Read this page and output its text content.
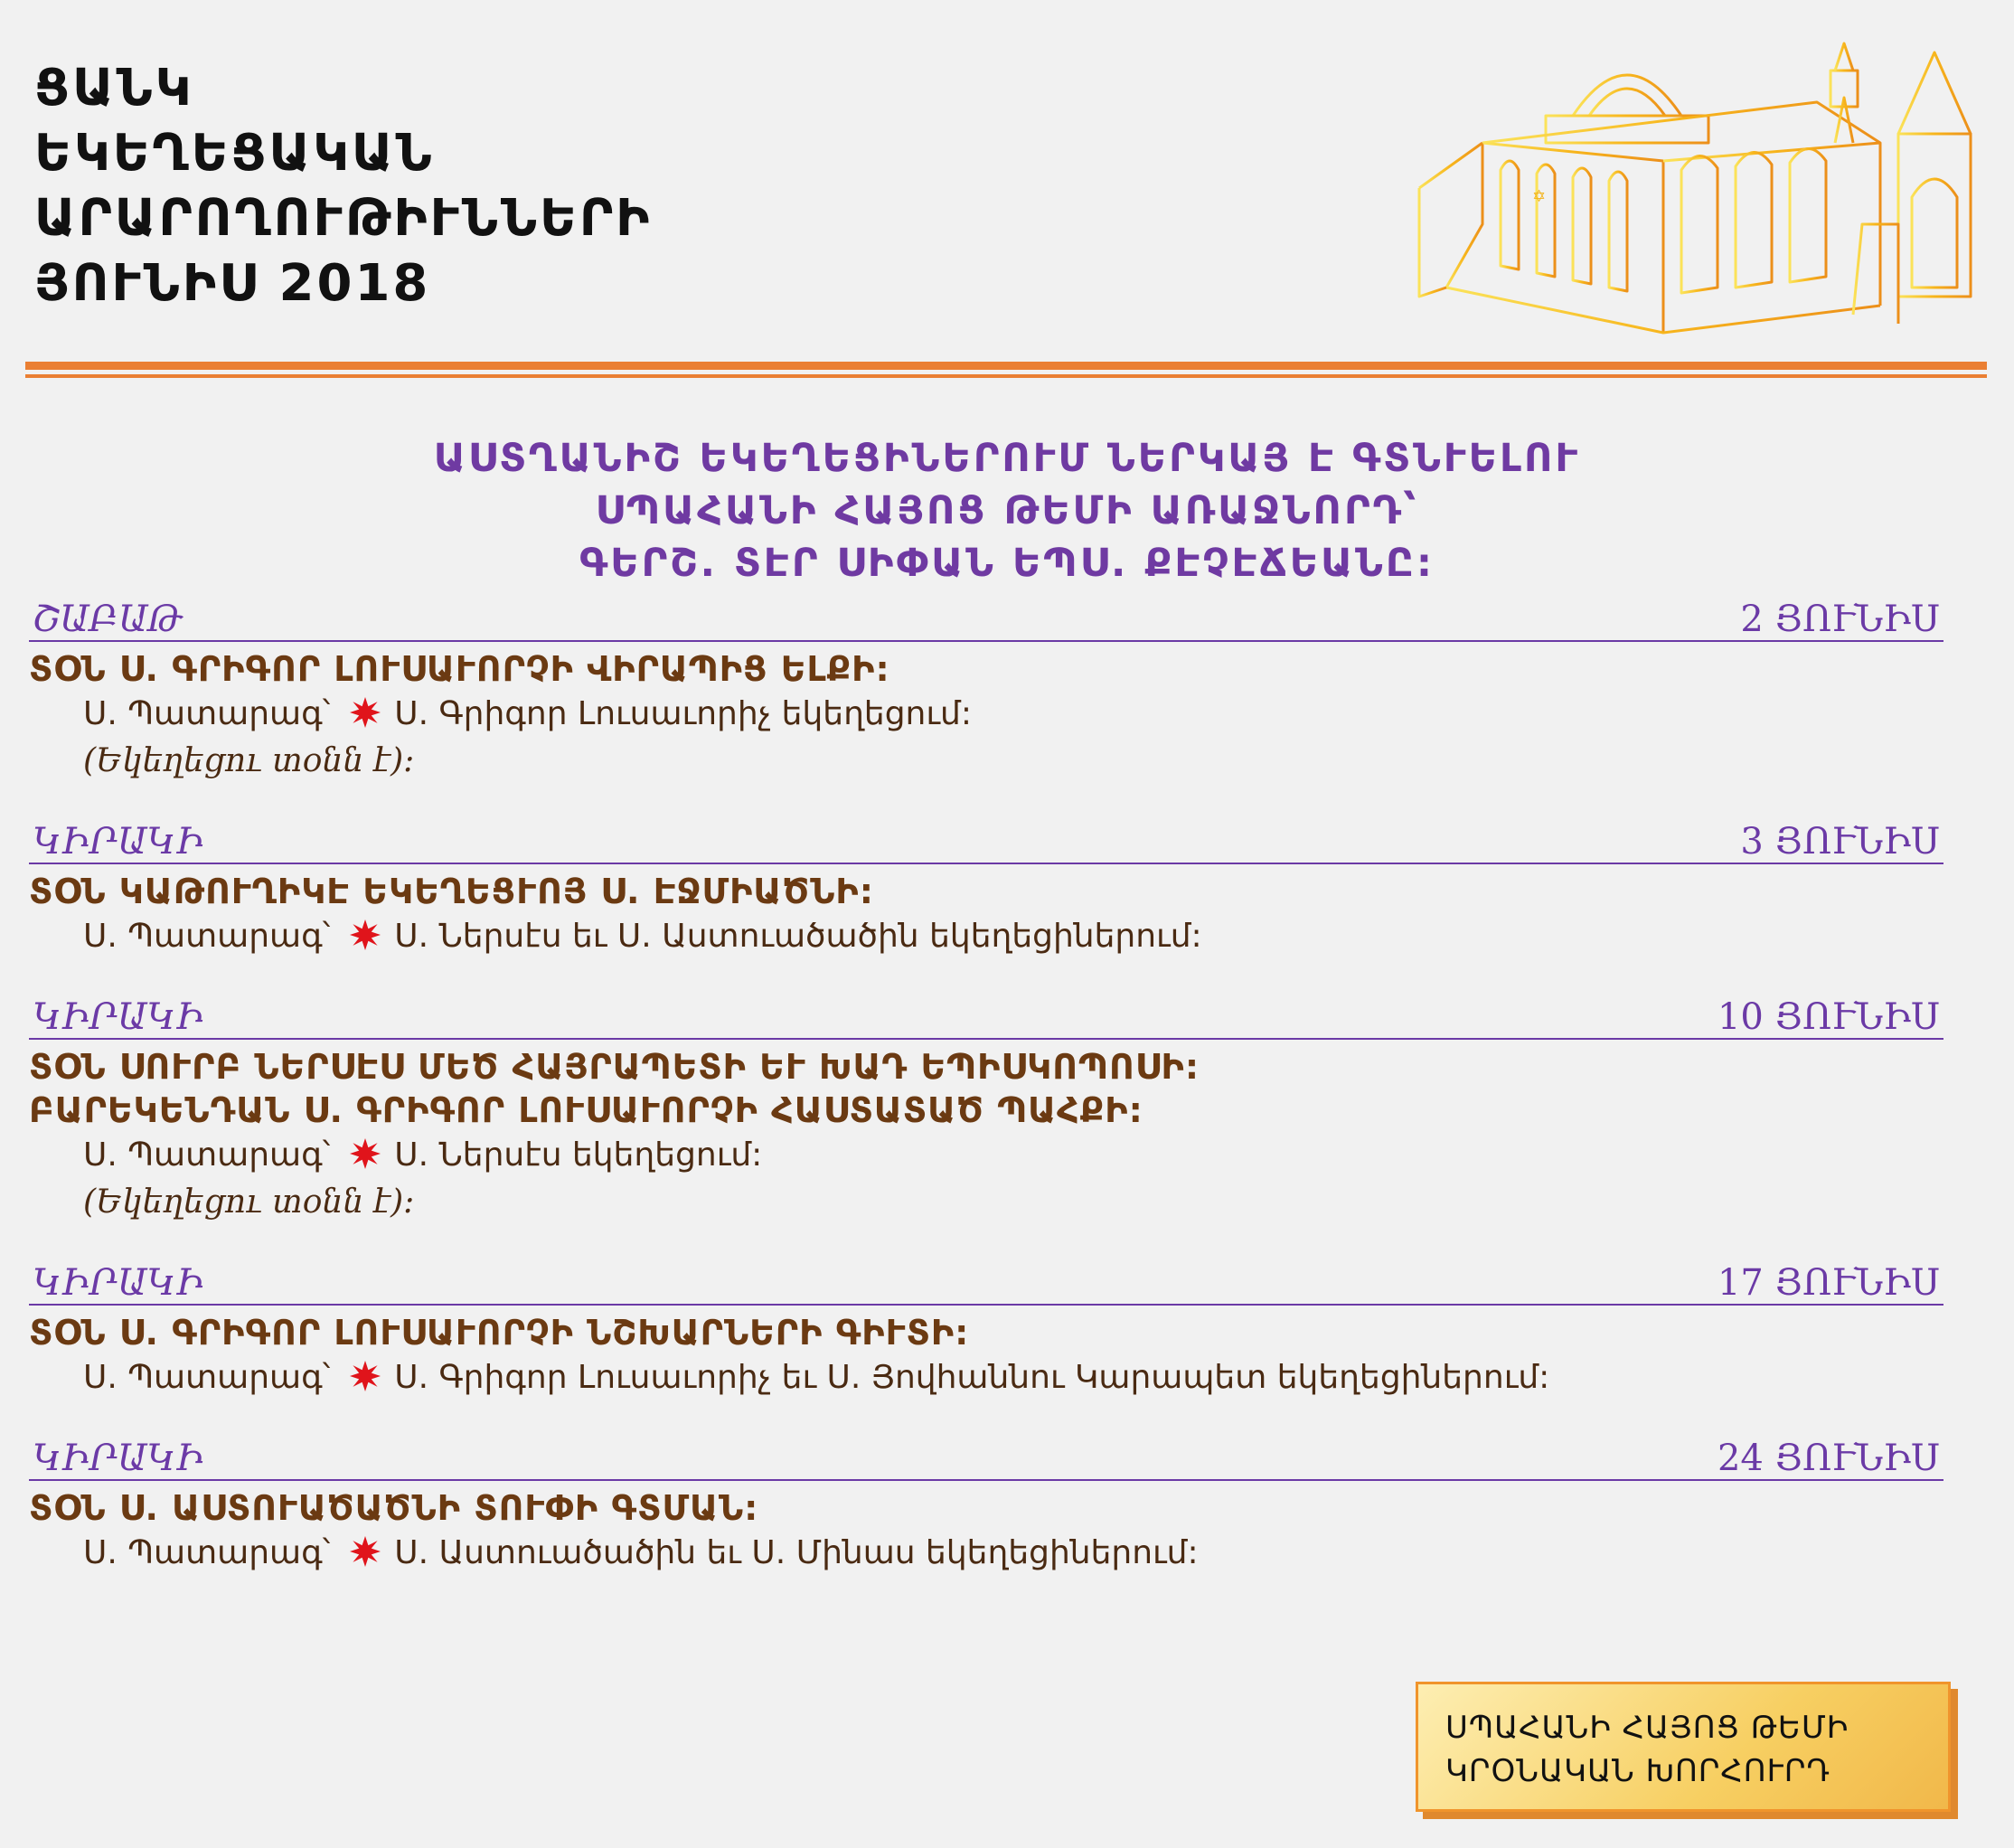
ՑԱՆԿ
ԵԿԵՂԵՑԱԿԱՆ
ԱՐԱՐՈՂՈՒԹԻՒՆՆԵՐԻ
ՅՈՒՆԻՍ 2018
✡
ԱՍՏՂԱՆԻՇ ԵԿԵՂԵՑԻՆԵՐՈՒՄ ՆԵՐԿԱՅ Է ԳՏՆՒԵԼՈՒ
ՍՊԱՀԱՆԻ ՀԱՅՈՑ ԹԵՄԻ ԱՌԱՋՆՈՐԴ՝
ԳԵՐՇ. ՏԷՐ ՍԻՓԱՆ ԵՊՍ. ՔԷՉԷՃԵԱՆԸ:
ՇԱԲԱԹ	2 ՅՈՒՆԻՍ
ՏՕՆ Ս. ԳՐԻԳՈՐ ԼՈՒՍԱՒՈՐՉԻ ՎԻՐԱՊԻՑ ԵԼՔԻ:
Ս. Պատարագ՝ Ս. Գրիգոր Լուսաւորիչ եկեղեցում:
(Եկեղեցու տօնն է):
ԿԻՐԱԿԻ	3 ՅՈՒՆԻՍ
ՏՕՆ ԿԱԹՈՒՂԻԿԷ ԵԿԵՂԵՑՒՈՅ Ս. ԷՋՄԻԱԾՆԻ:
Ս. Պատարագ՝ Ս. Ներսէս եւ Ս. Աստուածածին եկեղեցիներում:
ԿԻՐԱԿԻ	10 ՅՈՒՆԻՍ
ՏՕՆ ՍՈՒՐԲ ՆԵՐՍԷՍ ՄԵԾ ՀԱՅՐԱՊԵՏԻ ԵՒ ԽԱԴ ԵՊԻՍԿՈՊՈՍԻ:
ԲԱՐԵԿԵՆԴԱՆ Ս. ԳՐԻԳՈՐ ԼՈՒՍԱՒՈՐՉԻ ՀԱՍՏԱՏԱԾ ՊԱՀՔԻ:
Ս. Պատարագ՝ Ս. Ներսէս եկեղեցում:
(Եկեղեցու տօնն է):
ԿԻՐԱԿԻ	17 ՅՈՒՆԻՍ
ՏՕՆ Ս. ԳՐԻԳՈՐ ԼՈՒՍԱՒՈՐՉԻ ՆՇԽԱՐՆԵՐԻ ԳԻՒՏԻ:
Ս. Պատարագ՝ Ս. Գրիգոր Լուսաւորիչ եւ Ս. Յովհաննու Կարապետ եկեղեցիներում:
ԿԻՐԱԿԻ	24 ՅՈՒՆԻՍ
ՏՕՆ Ս. ԱՍՏՈՒԱԾԱԾՆԻ ՏՈՒՓԻ ԳՏՄԱՆ:
Ս. Պատարագ՝ Ս. Աստուածածին եւ Ս. Մինաս եկեղեցիներում:
ՍՊԱՀԱՆԻ ՀԱՅՈՑ ԹԵՄԻ
ԿՐՕՆԱԿԱՆ ԽՈՐՀՈՒՐԴ
